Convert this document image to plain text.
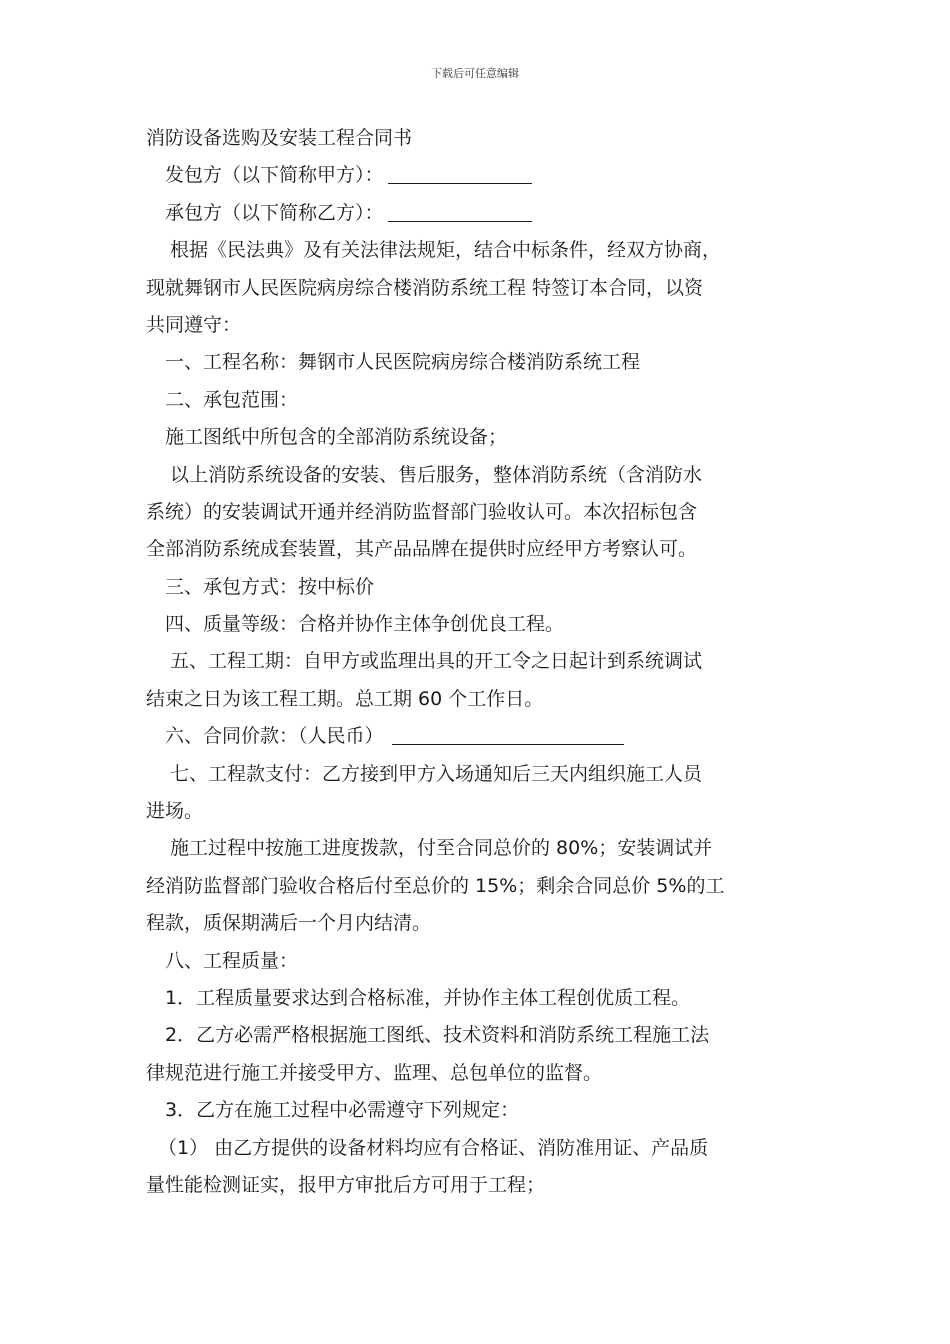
下载后可任意编辑
消防设备选购及安装工程合同书
发包方（以下简称甲方）：
承包方（以下简称乙方）：
根据《民法典》及有关法律法规矩，结合中标条件，经双方协商，
现就舞钢市人民医院病房综合楼消防系统工程 特签订本合同，以资
共同遵守：
一、工程名称：舞钢市人民医院病房综合楼消防系统工程
二、承包范围：
施工图纸中所包含的全部消防系统设备；
以上消防系统设备的安装、售后服务，整体消防系统（含消防水
系统）的安装调试开通并经消防监督部门验收认可。本次招标包含
全部消防系统成套装置，其产品品牌在提供时应经甲方考察认可。
三、承包方式：按中标价
四、质量等级：合格并协作主体争创优良工程。
五、工程工期：自甲方或监理出具的开工令之日起计到系统调试
结束之日为该工程工期。总工期 60 个工作日。
六、合同价款：（人民币）
七、工程款支付：乙方接到甲方入场通知后三天内组织施工人员
进场。
施工过程中按施工进度拨款，付至合同总价的 80%；安装调试并
经消防监督部门验收合格后付至总价的 15%；剩余合同总价 5%的工
程款，质保期满后一个月内结清。
八、工程质量：
1．工程质量要求达到合格标准，并协作主体工程创优质工程。
2．乙方必需严格根据施工图纸、技术资料和消防系统工程施工法
律规范进行施工并接受甲方、监理、总包单位的监督。
3．乙方在施工过程中必需遵守下列规定：
（1） 由乙方提供的设备材料均应有合格证、消防准用证、产品质
量性能检测证实，报甲方审批后方可用于工程；
